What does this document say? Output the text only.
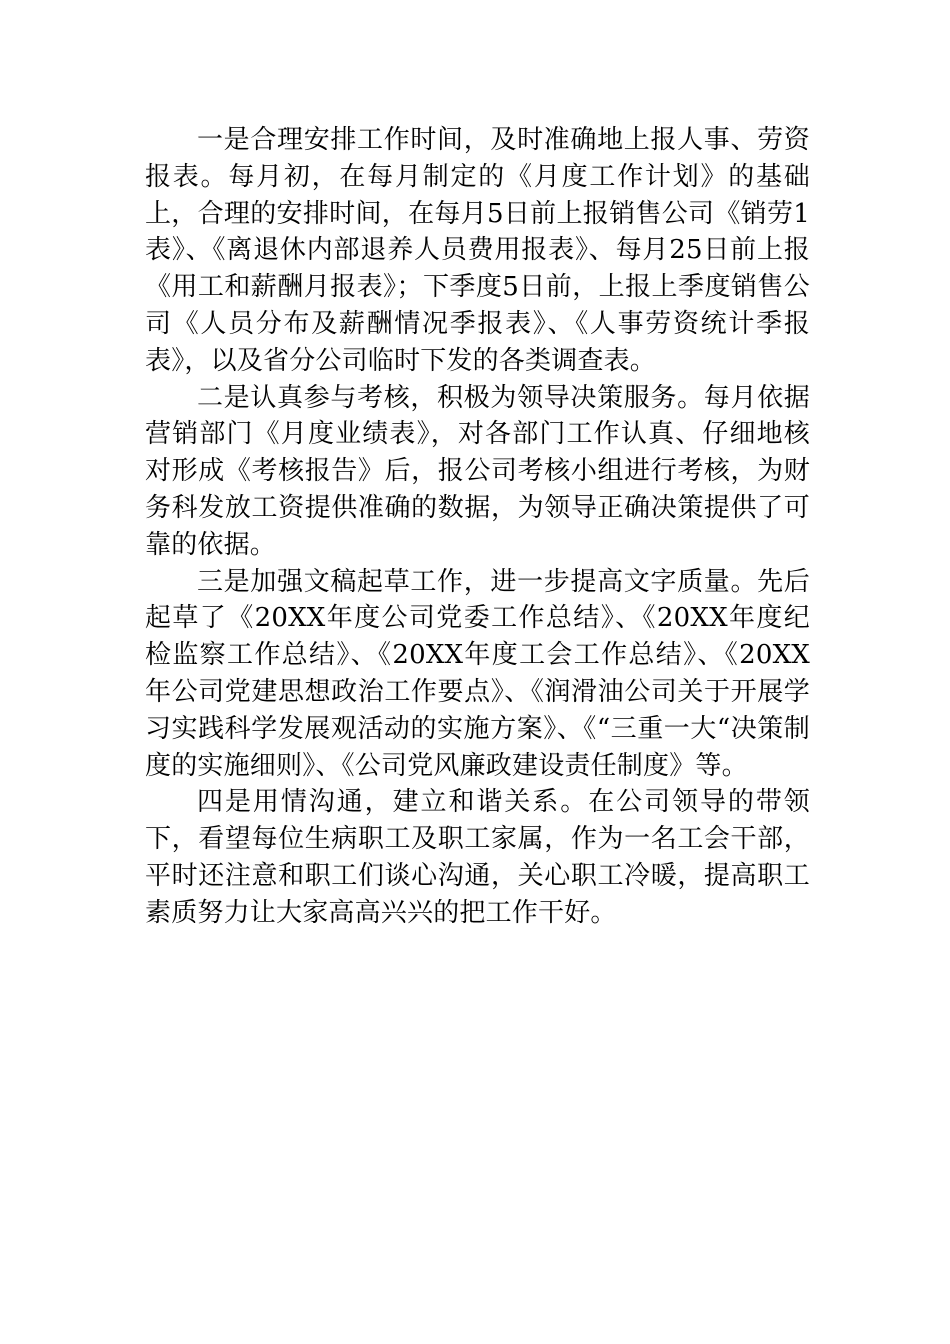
一是合理安排工作时间，及时准确地上报人事、劳资报表。每月初，在每月制定的《月度工作计划》的基础上，合理的安排时间，在每月5日前上报销售公司《销劳1表》、《离退休内部退养人员费用报表》、每月25日前上报《用工和薪酬月报表》；下季度5日前，上报上季度销售公司《人员分布及薪酬情况季报表》、《人事劳资统计季报表》，以及省分公司临时下发的各类调查表。

二是认真参与考核，积极为领导决策服务。每月依据营销部门《月度业绩表》，对各部门工作认真、仔细地核对形成《考核报告》后，报公司考核小组进行考核，为财务科发放工资提供准确的数据，为领导正确决策提供了可靠的依据。

三是加强文稿起草工作，进一步提高文字质量。先后起草了《20XX年度公司党委工作总结》、《20XX年度纪检监察工作总结》、《20XX年度工会工作总结》、《20XX年公司党建思想政治工作要点》、《润滑油公司关于开展学习实践科学发展观活动的实施方案》、《“三重一大“决策制度的实施细则》、《公司党风廉政建设责任制度》等。

四是用情沟通，建立和谐关系。在公司领导的带领下，看望每位生病职工及职工家属，作为一名工会干部，平时还注意和职工们谈心沟通，关心职工冷暖，提高职工素质努力让大家高高兴兴的把工作干好。
